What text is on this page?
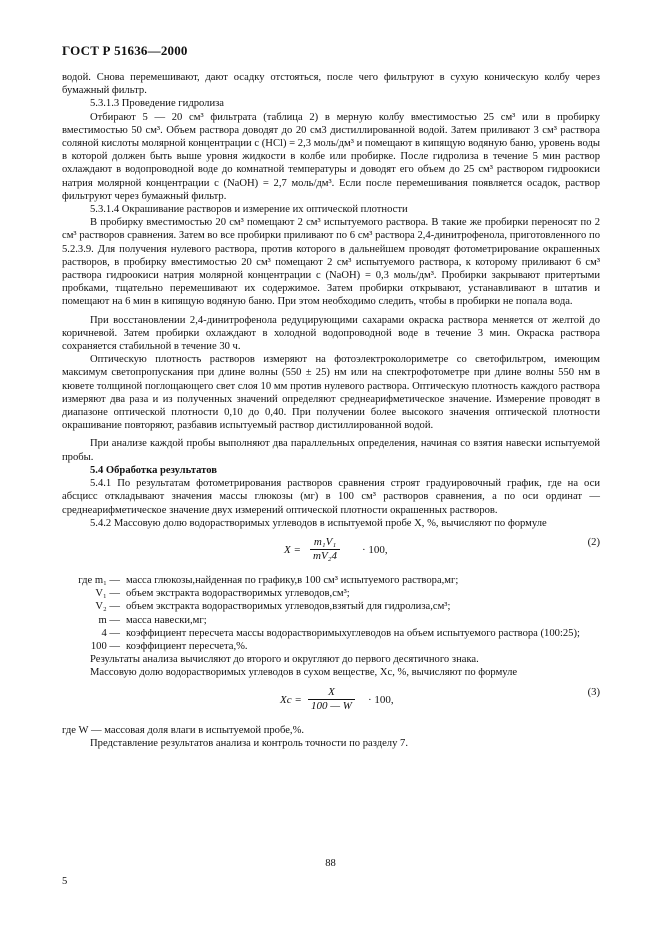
ГОСТ Р 51636—2000

водой. Снова перемешивают, дают осадку отстояться, после чего фильтруют в сухую коническую колбу через бумажный фильтр.

5.3.1.3 Проведение гидролиза

Отбирают 5 — 20 см³ фильтрата (таблица 2) в мерную колбу вместимостью 25 см³ или в пробирку вместимостью 50 см³. Объем раствора доводят до 20 см3 дистиллированной водой. Затем приливают 3 см³ раствора соляной кислоты молярной концентрации c (HCl) = 2,3 моль/дм³ и помещают в кипящую водяную баню, уровень воды в которой должен быть выше уровня жидкости в колбе или пробирке. После гидролиза в течение 5 мин раствор охлаждают в водопроводной воде до комнатной температуры и доводят его объем до 25 см³ раствором гидроокиси натрия молярной концентрации c (NaOH) = 2,7 моль/дм³. Если после перемешивания появляется осадок, раствор фильтруют через бумажный фильтр.

5.3.1.4 Окрашивание растворов и измерение их оптической плотности

В пробирку вместимостью 20 см³ помещают 2 см³ испытуемого раствора. В такие же пробирки переносят по 2 см³ растворов сравнения. Затем во все пробирки приливают по 6 см³ раствора 2,4-динитрофенола, приготовленного по 5.2.3.9. Для получения нулевого раствора, против которого в дальнейшем проводят фотометрирование окрашенных растворов, в пробирку вместимостью 20 см³ помещают 2 см³ испытуемого раствора, к которому приливают 6 см³ раствора гидроокиси натрия молярной концентрации c (NaOH) = 0,3 моль/дм³. Пробирки закрывают притертыми пробками, тщательно перемешивают их содержимое. Затем пробирки открывают, устанавливают в штатив и помещают на 6 мин в кипящую водяную баню. При этом необходимо следить, чтобы в пробирки не попала вода.

При восстановлении 2,4-динитрофенола редуцирующими сахарами окраска раствора меняется от желтой до коричневой. Затем пробирки охлаждают в холодной водопроводной воде в течение 3 мин. Окраска раствора сохраняется стабильной в течение 30 ч.

Оптическую плотность растворов измеряют на фотоэлектроколориметре со светофильтром, имеющим максимум светопропускания при длине волны (550 ± 25) нм или на спектрофотометре при длине волны 550 нм в кювете толщиной поглощающего свет слоя 10 мм против нулевого раствора. Оптическую плотность каждого раствора измеряют два раза и из полученных значений определяют среднеарифметическое значение. Измерение проводят в диапазоне оптической плотности 0,10 до 0,40. При получении более высокого значения оптической плотности окрашивание повторяют, разбавив испытуемый раствор дистиллированной водой.

При анализе каждой пробы выполняют два параллельных определения, начиная со взятия навески испытуемой пробы.

5.4 Обработка результатов

5.4.1 По результатам фотометрирования растворов сравнения строят градуировочный график, где на оси абсцисс откладывают значения массы глюкозы (мг) в 100 см³ растворов сравнения, а по оси ординат — среднеарифметическое значение двух измерений оптической плотности окрашенных растворов.

5.4.2 Массовую долю водорастворимых углеводов в испытуемой пробе X, %, вычисляют по формуле

$X = \frac{\text{m₁V₁}}{\text{mV₂4}} \cdot 100$,
(2)
где m₁ — масса глюкозы,найденная по графику,в 100 см³ испытуемого раствора,мг;
V₁ — объем экстракта водорастворимых углеводов,см³;
V₂ — объем экстракта водорастворимых углеводов,взятый для гидролиза,см³;
m — масса навески,мг;
4 — коэффициент пересчета массы водорастворимыхуглеводов на объем испытуемого раствора (100:25);
100 — коэффициент пересчета,%.

Результаты анализа вычисляют до второго и округляют до первого десятичного знака.

Массовую долю водорастворимых углеводов в сухом веществе, Xc, %, вычисляют по формуле

$Xc = \frac{X}{100 — W} \cdot 100$,
(3)

где W — массовая доля влаги в испытуемой пробе,%.

Представление результатов анализа и контроль точности по разделу 7.

88
5
